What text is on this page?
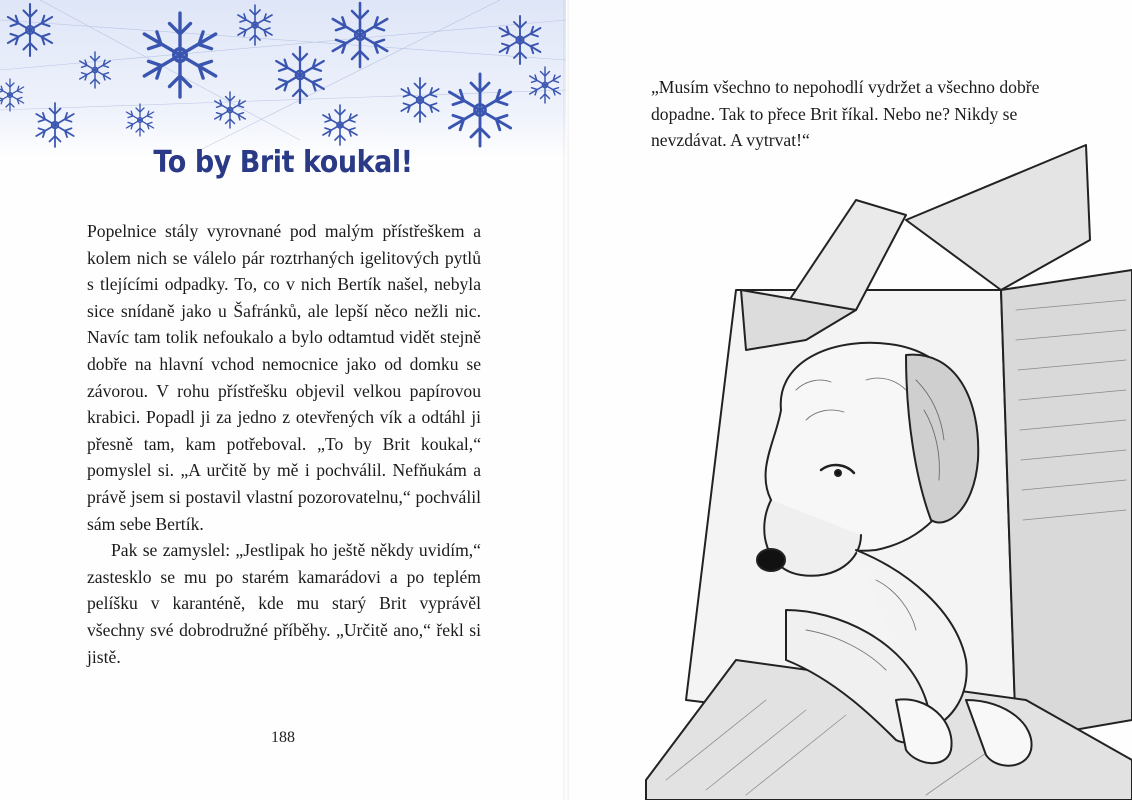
To by Brit koukal!

Popelnice stály vyrovnané pod malým přístřeškem a kolem nich se válelo pár roztrhaných igelitových pytlů s tlejícími odpadky. To, co v nich Bertík našel, nebyla sice snídaně jako u Šafránků, ale lepší něco nežli nic. Navíc tam tolik nefoukalo a bylo odtamtud vidět stejně dobře na hlavní vchod nemocnice jako od domku se závorou. V rohu přístřešku objevil velkou papírovou krabici. Popadl ji za jedno z otevřených vík a odtáhl ji přesně tam, kam potřeboval. „To by Brit koukal,“ pomyslel si. „A určitě by mě i pochválil. Nefňukám a právě jsem si postavil vlastní pozorovatelnu,“ pochválil sám sebe Bertík.

Pak se zamyslel: „Jestlipak ho ještě někdy uvidím,“ zastesklo se mu po starém kamarádovi a po teplém pelíšku v karanténě, kde mu starý Brit vyprávěl všechny své dobrodružné příběhy. „Určitě ano,“ řekl si jistě.

188
„Musím všechno to nepohodlí vydržet a všechno dobře dopadne. Tak to přece Brit říkal. Nebo ne? Nikdy se nevzdávat. A vytrvat!“
